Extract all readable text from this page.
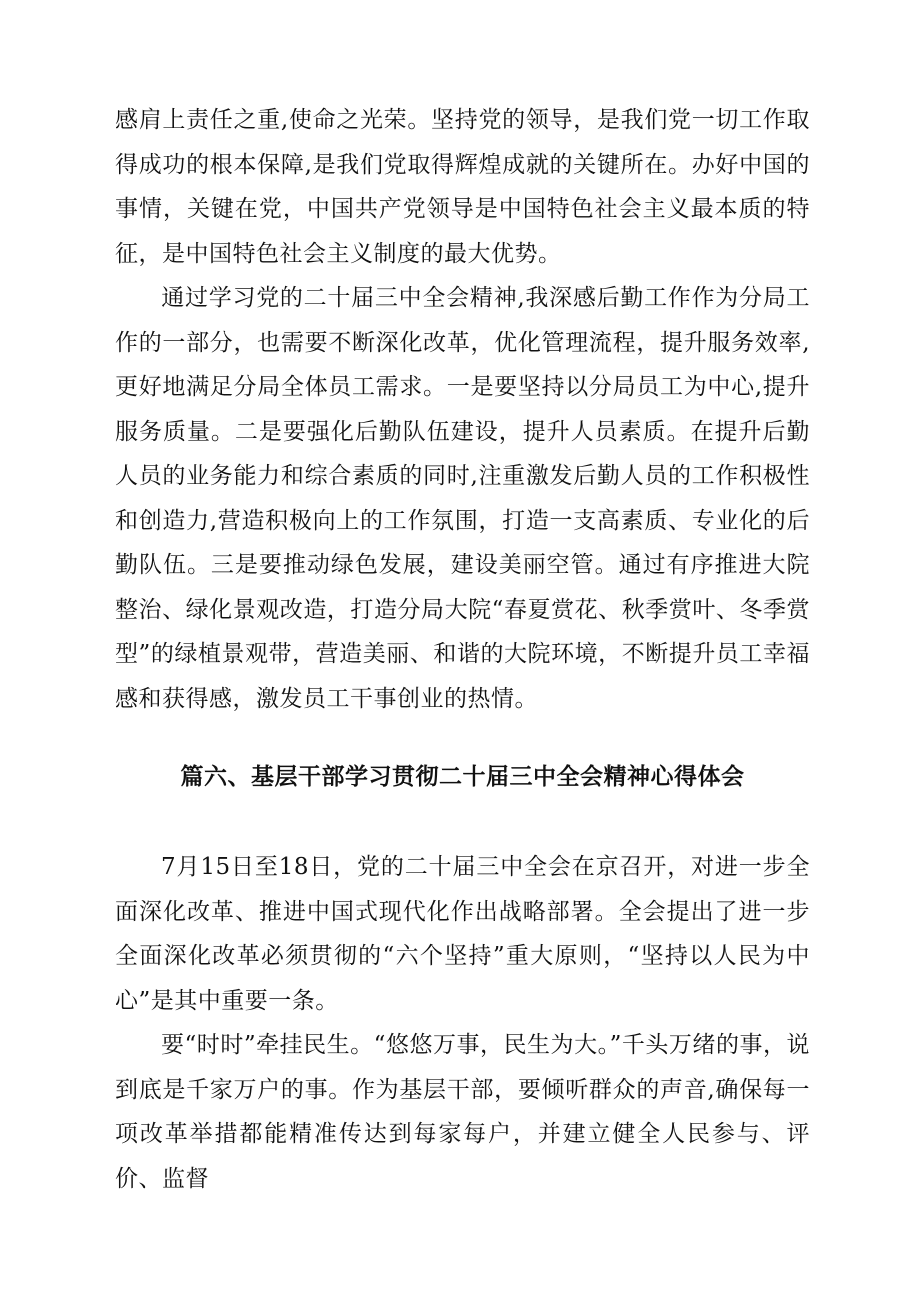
感肩上责任之重,使命之光荣。坚持党的领导，是我们党一切工作取得成功的根本保障,是我们党取得辉煌成就的关键所在。办好中国的事情，关键在党，中国共产党领导是中国特色社会主义最本质的特征，是中国特色社会主义制度的最大优势。

通过学习党的二十届三中全会精神,我深感后勤工作作为分局工作的一部分，也需要不断深化改革，优化管理流程，提升服务效率,更好地满足分局全体员工需求。一是要坚持以分局员工为中心,提升服务质量。二是要强化后勤队伍建设，提升人员素质。在提升后勤人员的业务能力和综合素质的同时,注重激发后勤人员的工作积极性和创造力,营造积极向上的工作氛围，打造一支高素质、专业化的后勤队伍。三是要推动绿色发展，建设美丽空管。通过有序推进大院整治、绿化景观改造，打造分局大院“春夏赏花、秋季赏叶、冬季赏型”的绿植景观带，营造美丽、和谐的大院环境，不断提升员工幸福感和获得感，激发员工干事创业的热情。

篇六、基层干部学习贯彻二十届三中全会精神心得体会

7月15日至18日，党的二十届三中全会在京召开，对进一步全面深化改革、推进中国式现代化作出战略部署。全会提出了进一步全面深化改革必须贯彻的“六个坚持”重大原则，“坚持以人民为中心”是其中重要一条。

要“时时”牵挂民生。“悠悠万事，民生为大。”千头万绪的事，说到底是千家万户的事。作为基层干部，要倾听群众的声音,确保每一项改革举措都能精准传达到每家每户，并建立健全人民参与、评价、监督
